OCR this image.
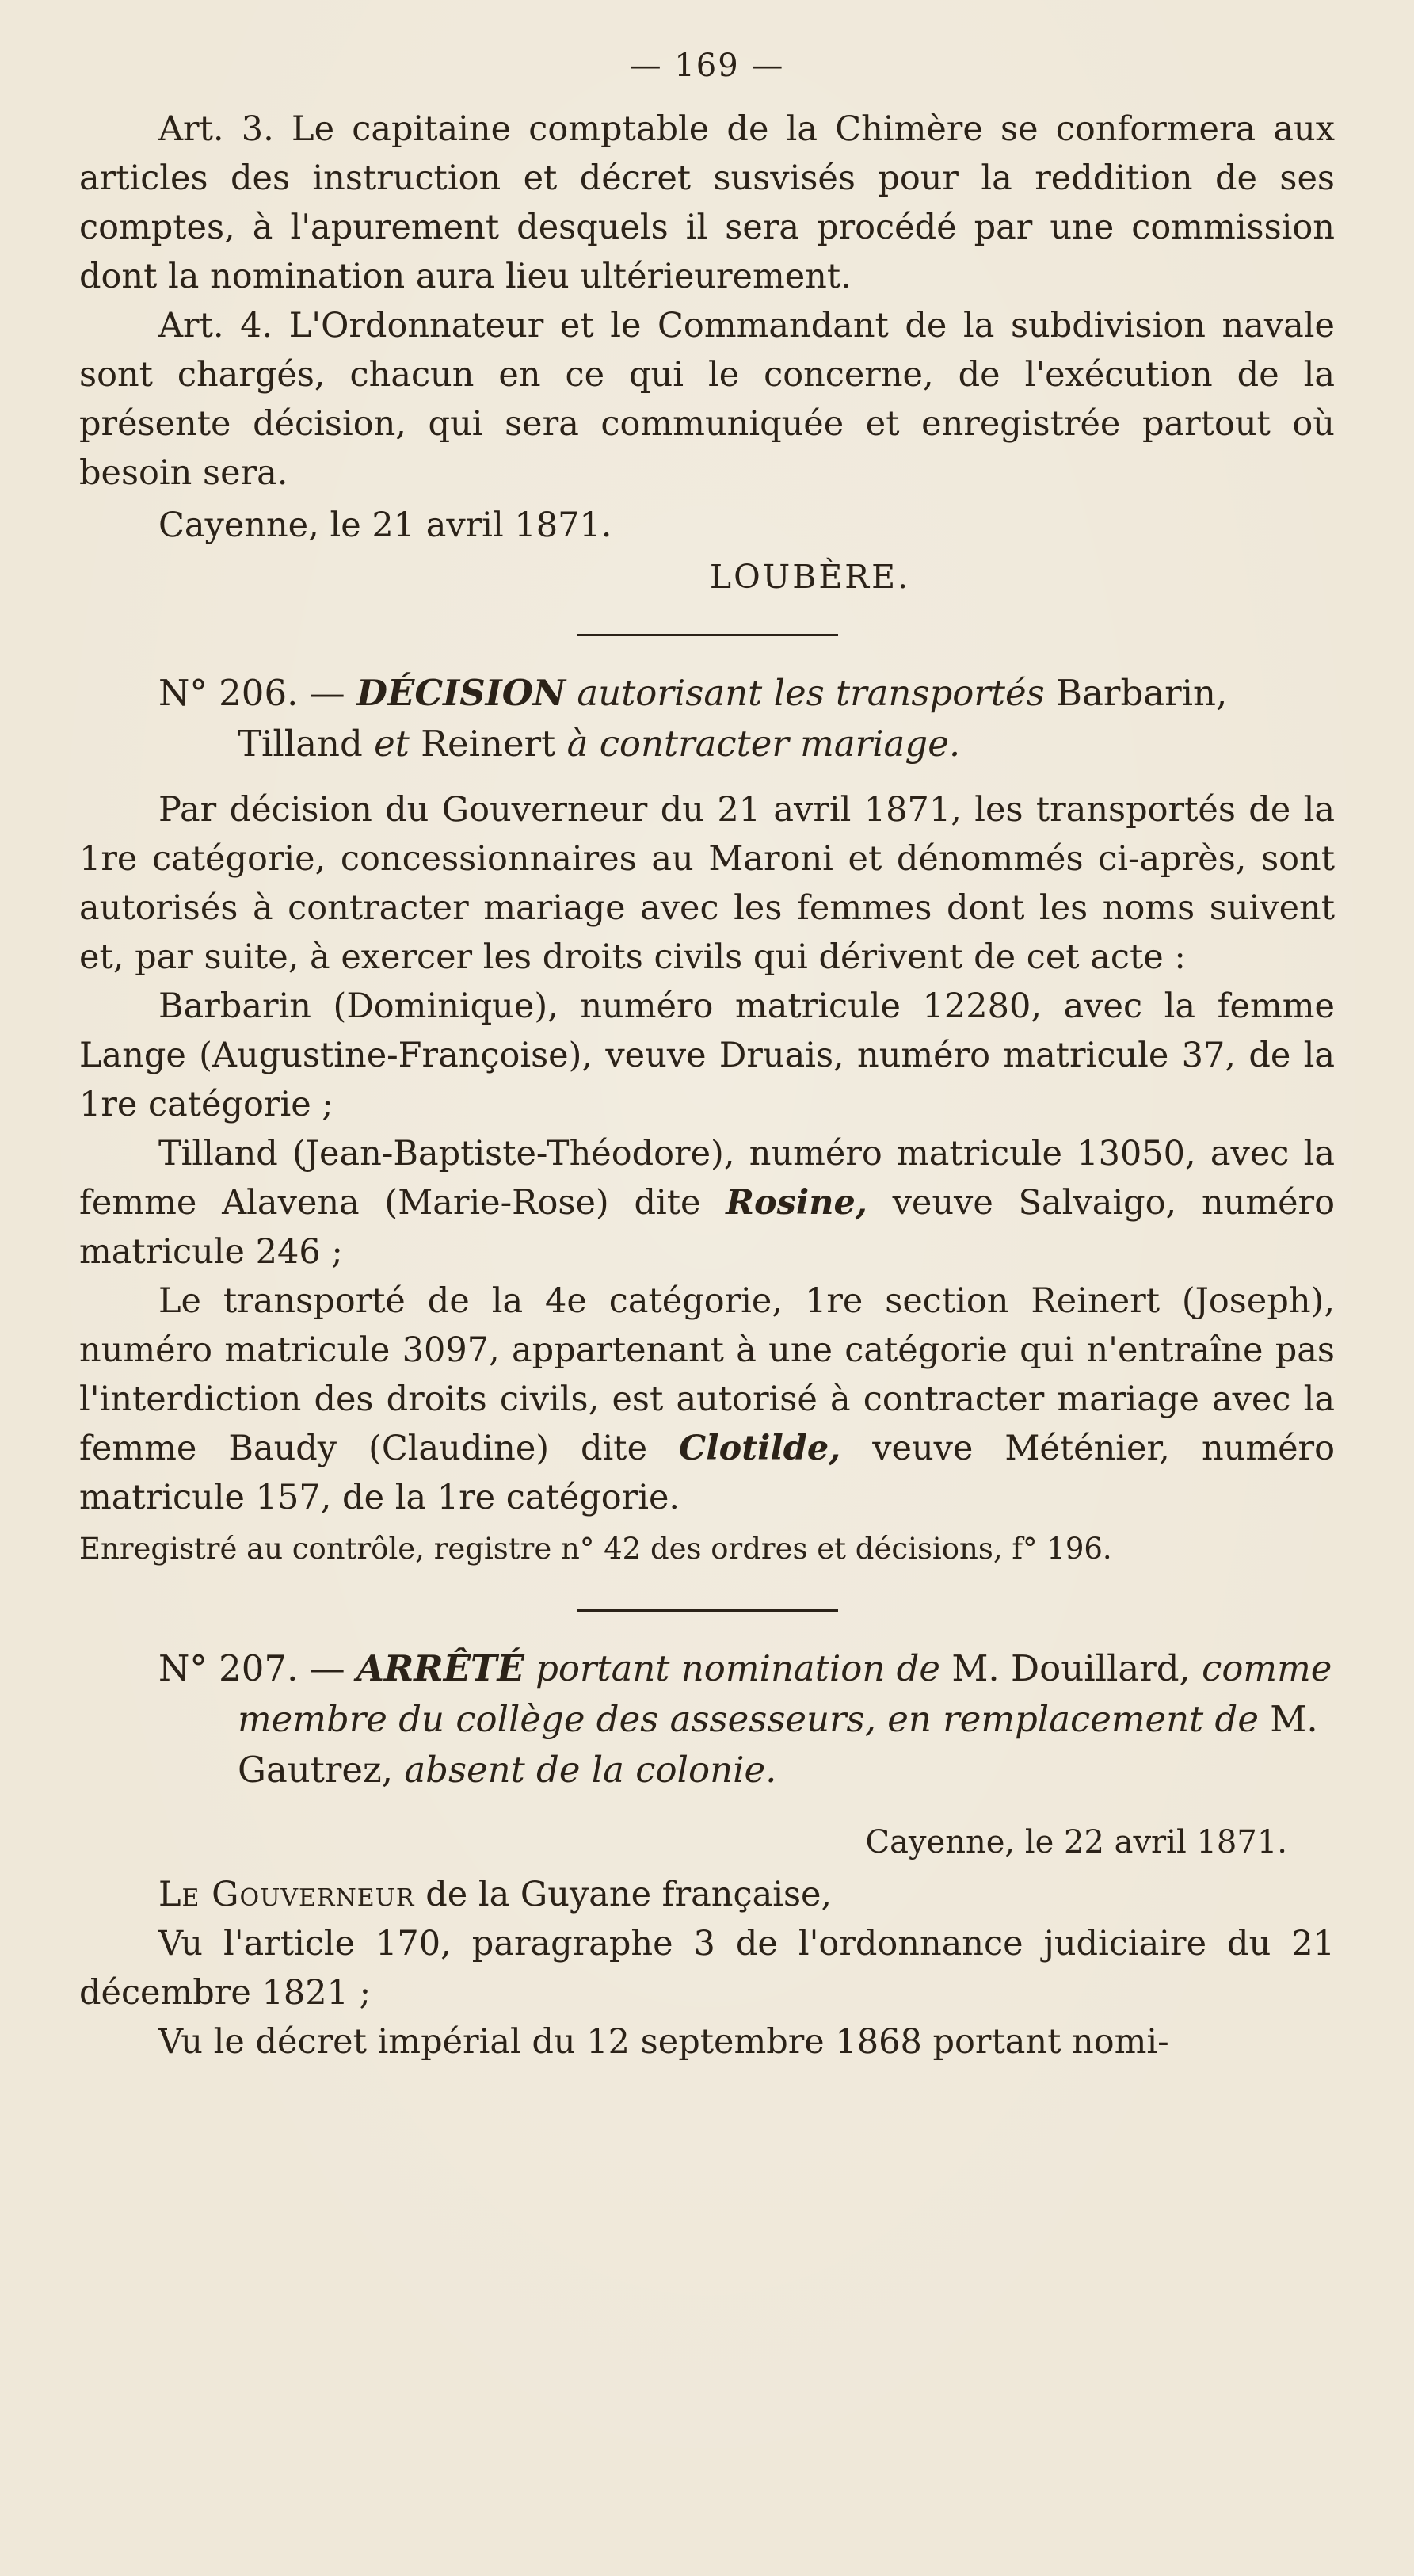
— 169 —

Art. 3. Le capitaine comptable de la Chimère se conformera aux articles des instruction et décret susvisés pour la reddition de ses comptes, à l'apurement desquels il sera procédé par une commission dont la nomination aura lieu ultérieurement.

Art. 4. L'Ordonnateur et le Commandant de la subdivision navale sont chargés, chacun en ce qui le concerne, de l'exécution de la présente décision, qui sera communiquée et enregistrée partout où besoin sera.

Cayenne, le 21 avril 1871.

LOUBÈRE.

N° 206. — DÉCISION autorisant les transportés Barbarin, Tilland et Reinert à contracter mariage.

Par décision du Gouverneur du 21 avril 1871, les transportés de la 1re catégorie, concessionnaires au Maroni et dénommés ci-après, sont autorisés à contracter mariage avec les femmes dont les noms suivent et, par suite, à exercer les droits civils qui dérivent de cet acte :

Barbarin (Dominique), numéro matricule 12280, avec la femme Lange (Augustine-Françoise), veuve Druais, numéro matricule 37, de la 1re catégorie ;

Tilland (Jean-Baptiste-Théodore), numéro matricule 13050, avec la femme Alavena (Marie-Rose) dite Rosine, veuve Salvaigo, numéro matricule 246 ;

Le transporté de la 4e catégorie, 1re section Reinert (Joseph), numéro matricule 3097, appartenant à une catégorie qui n'entraîne pas l'interdiction des droits civils, est autorisé à contracter mariage avec la femme Baudy (Claudine) dite Clotilde, veuve Méténier, numéro matricule 157, de la 1re catégorie.

Enregistré au contrôle, registre n° 42 des ordres et décisions, f° 196.

N° 207. — ARRÊTÉ portant nomination de M. Douillard, comme membre du collège des assesseurs, en remplacement de M. Gautrez, absent de la colonie.

Cayenne, le 22 avril 1871.

Le Gouverneur de la Guyane française,

Vu l'article 170, paragraphe 3 de l'ordonnance judiciaire du 21 décembre 1821 ;

Vu le décret impérial du 12 septembre 1868 portant nomi-
